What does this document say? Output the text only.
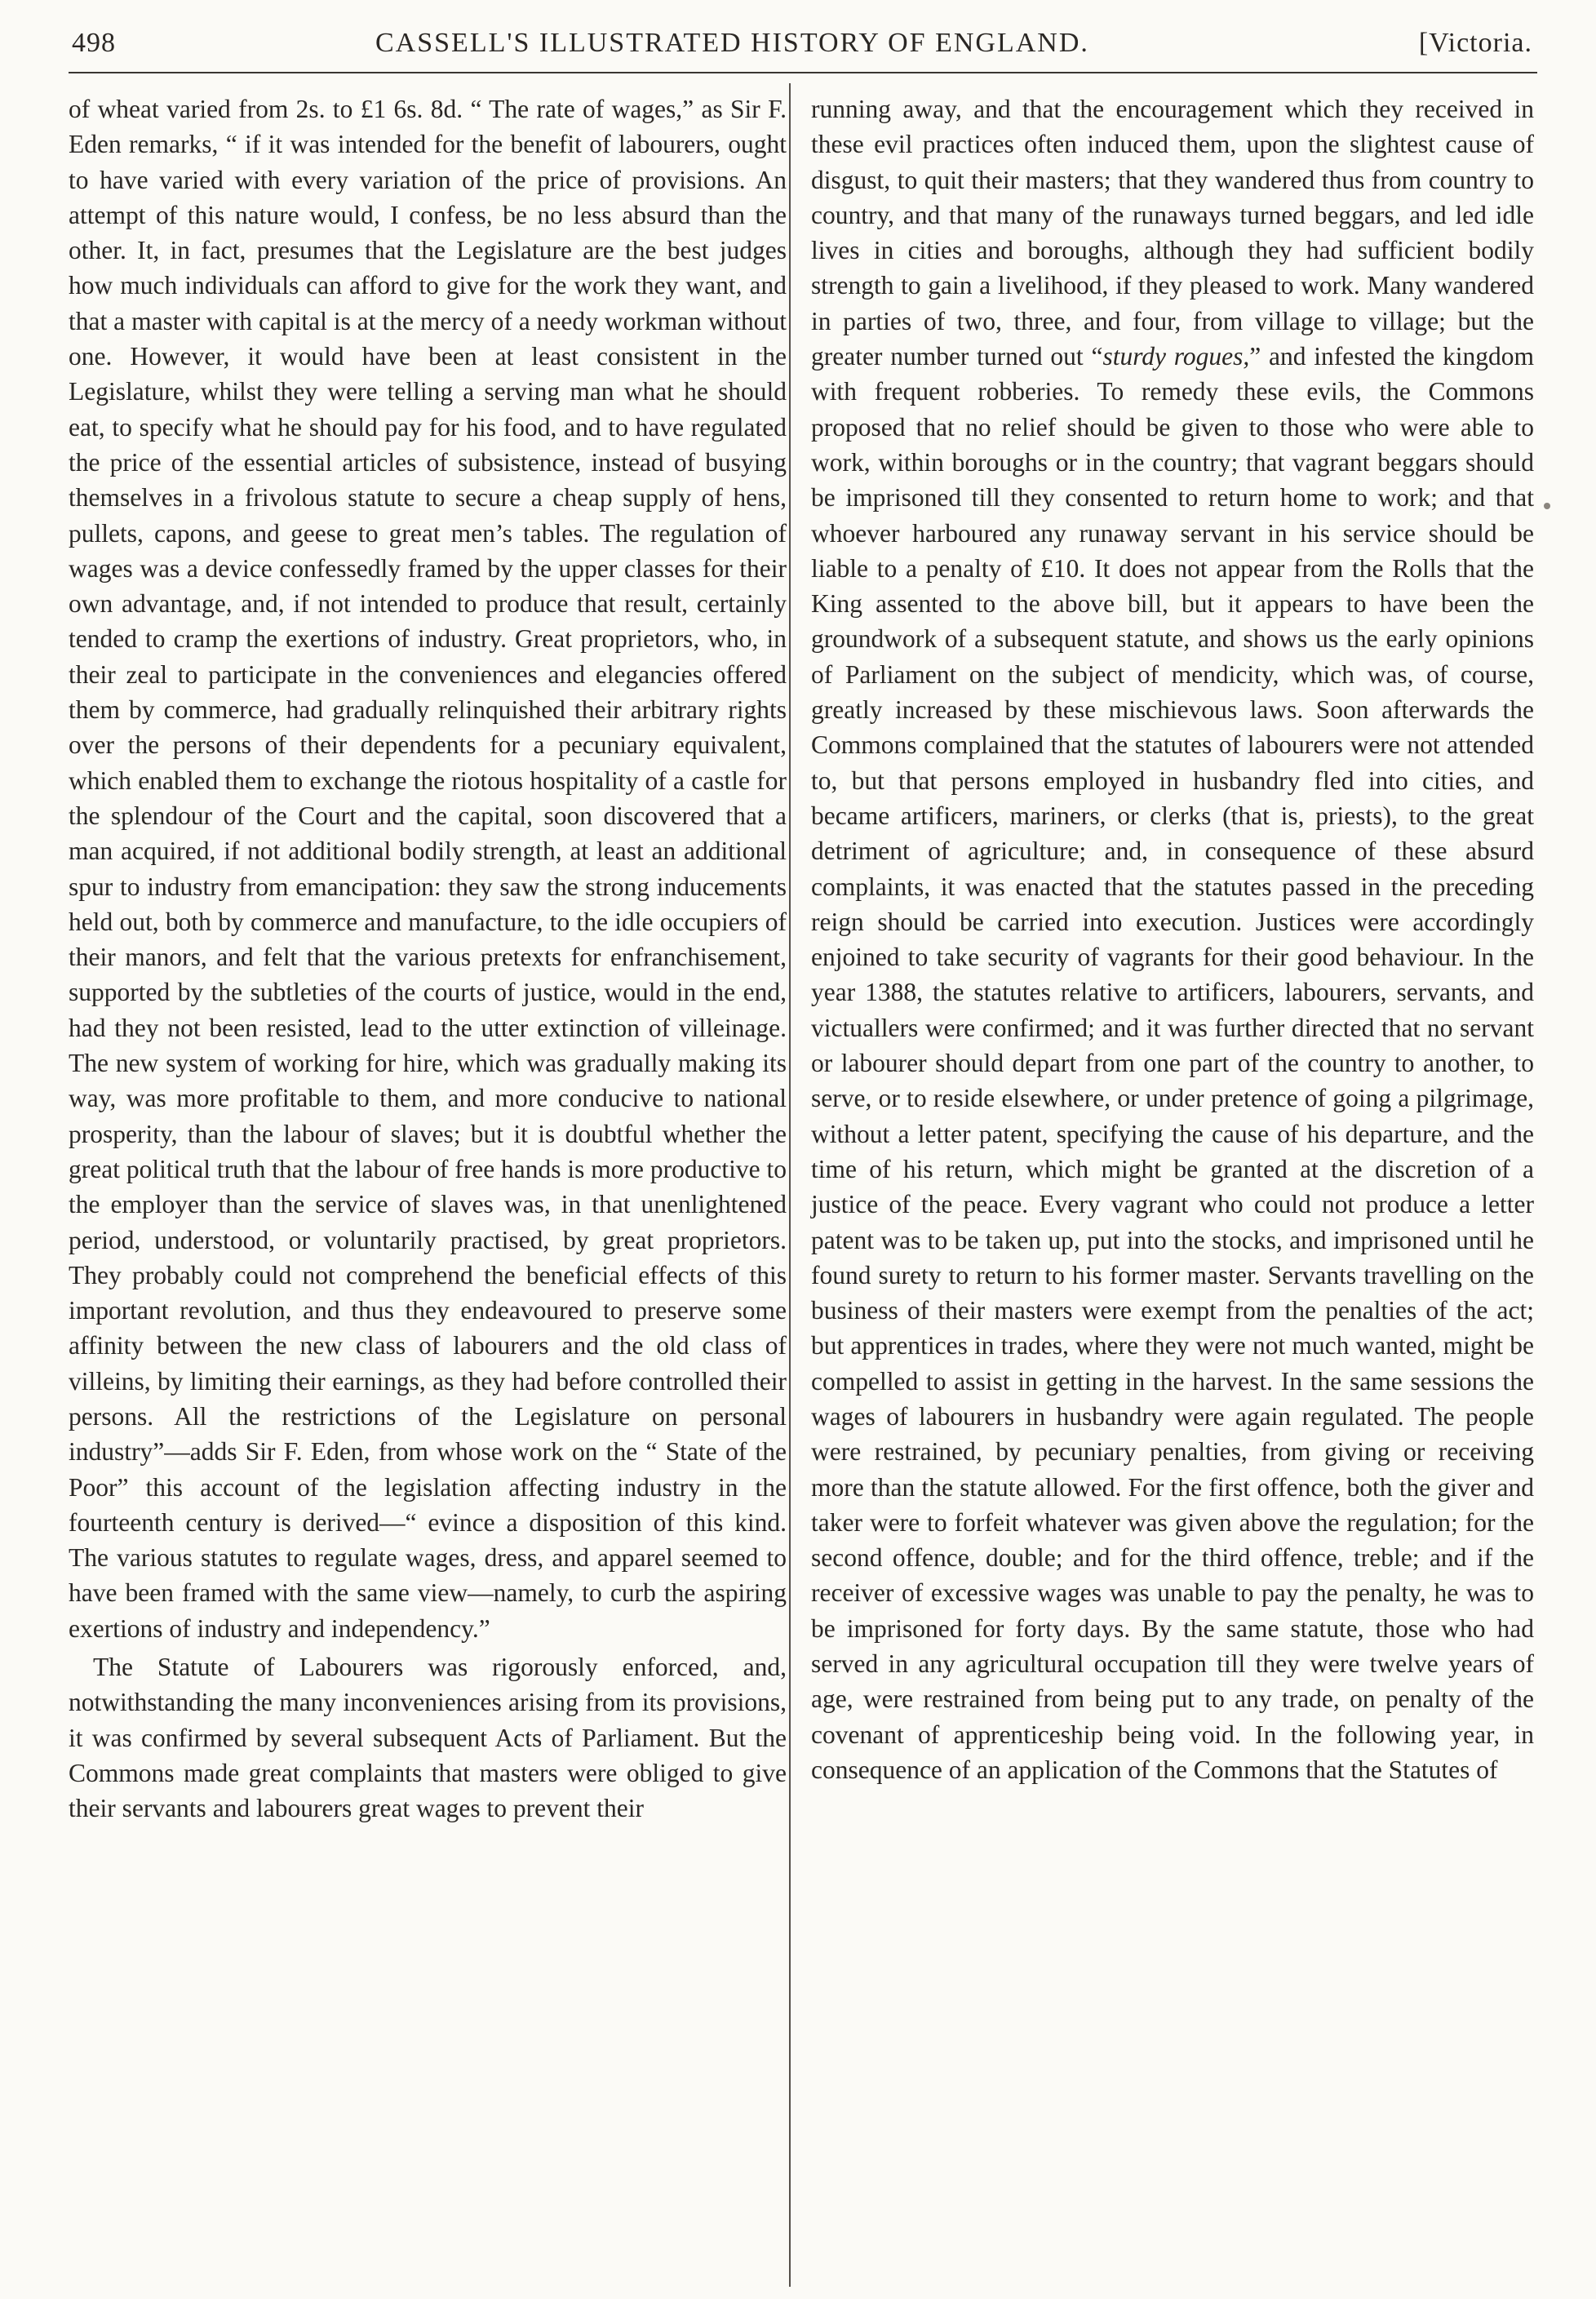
498	CASSELL'S ILLUSTRATED HISTORY OF ENGLAND.	[Victoria.

of wheat varied from 2s. to £1 6s. 8d. “ The rate of wages,” as Sir F. Eden remarks, “ if it was intended for the benefit of labourers, ought to have varied with every variation of the price of provisions. An attempt of this nature would, I confess, be no less absurd than the other. It, in fact, presumes that the Legislature are the best judges how much individuals can afford to give for the work they want, and that a master with capital is at the mercy of a needy workman without one. However, it would have been at least consistent in the Legislature, whilst they were telling a serving man what he should eat, to specify what he should pay for his food, and to have regulated the price of the essential articles of subsistence, instead of busying themselves in a frivolous statute to secure a cheap supply of hens, pullets, capons, and geese to great men’s tables. The regulation of wages was a device confessedly framed by the upper classes for their own advantage, and, if not intended to produce that result, certainly tended to cramp the exertions of industry. Great proprietors, who, in their zeal to participate in the conveniences and elegancies offered them by commerce, had gradually relinquished their arbitrary rights over the persons of their dependents for a pecuniary equivalent, which enabled them to exchange the riotous hospitality of a castle for the splendour of the Court and the capital, soon discovered that a man acquired, if not additional bodily strength, at least an additional spur to industry from emancipation: they saw the strong inducements held out, both by commerce and manufacture, to the idle occupiers of their manors, and felt that the various pretexts for enfranchisement, supported by the subtleties of the courts of justice, would in the end, had they not been resisted, lead to the utter extinction of villeinage. The new system of working for hire, which was gradually making its way, was more profitable to them, and more conducive to national prosperity, than the labour of slaves; but it is doubtful whether the great political truth that the labour of free hands is more productive to the employer than the service of slaves was, in that unenlightened period, understood, or voluntarily practised, by great proprietors. They probably could not comprehend the beneficial effects of this important revolution, and thus they endeavoured to preserve some affinity between the new class of labourers and the old class of villeins, by limiting their earnings, as they had before controlled their persons. All the restrictions of the Legislature on personal industry”—adds Sir F. Eden, from whose work on the “ State of the Poor” this account of the legislation affecting industry in the fourteenth century is derived—“ evince a disposition of this kind. The various statutes to regulate wages, dress, and apparel seemed to have been framed with the same view—namely, to curb the aspiring exertions of industry and independency.”

The Statute of Labourers was rigorously enforced, and, notwithstanding the many inconveniences arising from its provisions, it was confirmed by several subsequent Acts of Parliament. But the Commons made great complaints that masters were obliged to give their servants and labourers great wages to prevent their

running away, and that the encouragement which they received in these evil practices often induced them, upon the slightest cause of disgust, to quit their masters; that they wandered thus from country to country, and that many of the runaways turned beggars, and led idle lives in cities and boroughs, although they had sufficient bodily strength to gain a livelihood, if they pleased to work. Many wandered in parties of two, three, and four, from village to village; but the greater number turned out “sturdy rogues,” and infested the kingdom with frequent robberies. To remedy these evils, the Commons proposed that no relief should be given to those who were able to work, within boroughs or in the country; that vagrant beggars should be imprisoned till they consented to return home to work; and that whoever harboured any runaway servant in his service should be liable to a penalty of £10. It does not appear from the Rolls that the King assented to the above bill, but it appears to have been the groundwork of a subsequent statute, and shows us the early opinions of Parliament on the subject of mendicity, which was, of course, greatly increased by these mischievous laws. Soon afterwards the Commons complained that the statutes of labourers were not attended to, but that persons employed in husbandry fled into cities, and became artificers, mariners, or clerks (that is, priests), to the great detriment of agriculture; and, in consequence of these absurd complaints, it was enacted that the statutes passed in the preceding reign should be carried into execution. Justices were accordingly enjoined to take security of vagrants for their good behaviour. In the year 1388, the statutes relative to artificers, labourers, servants, and victuallers were confirmed; and it was further directed that no servant or labourer should depart from one part of the country to another, to serve, or to reside elsewhere, or under pretence of going a pilgrimage, without a letter patent, specifying the cause of his departure, and the time of his return, which might be granted at the discretion of a justice of the peace. Every vagrant who could not produce a letter patent was to be taken up, put into the stocks, and imprisoned until he found surety to return to his former master. Servants travelling on the business of their masters were exempt from the penalties of the act; but apprentices in trades, where they were not much wanted, might be compelled to assist in getting in the harvest. In the same sessions the wages of labourers in husbandry were again regulated. The people were restrained, by pecuniary penalties, from giving or receiving more than the statute allowed. For the first offence, both the giver and taker were to forfeit whatever was given above the regulation; for the second offence, double; and for the third offence, treble; and if the receiver of excessive wages was unable to pay the penalty, he was to be imprisoned for forty days. By the same statute, those who had served in any agricultural occupation till they were twelve years of age, were restrained from being put to any trade, on penalty of the covenant of apprenticeship being void. In the following year, in consequence of an application of the Commons that the Statutes of
